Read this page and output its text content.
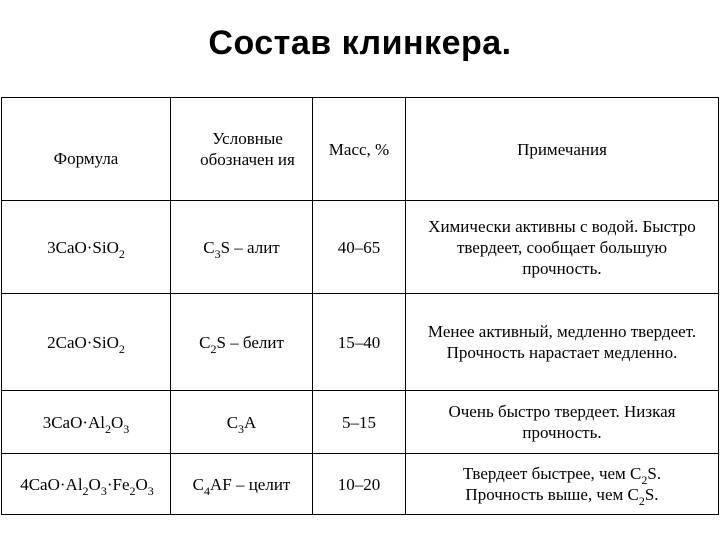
Состав клинкера.
Формула	Условные обозначен ия	Масс, %	Примечания
3CaO·SiO$_2$	$C_3S$ – алит	40–65	Химически активны с водой. Быстро твердеет, сообщает большую прочность.
2CaO·SiO$_2$	$C_2S$ – белит	15–40	Менее активный, медленно твердеет. Прочность нарастает медленно.
$3CaO\cdot Al_2O_3$	$C_3A$	5–15	Очень быстро твердеет. Низкая прочность.
$4CaO\cdot Al_2O_3\cdot Fe_2O_3$	$C_4AF$ – целит	10–20	Твердеет быстрее, чем $C_2S$. Прочность выше, чем $C_2S$.
